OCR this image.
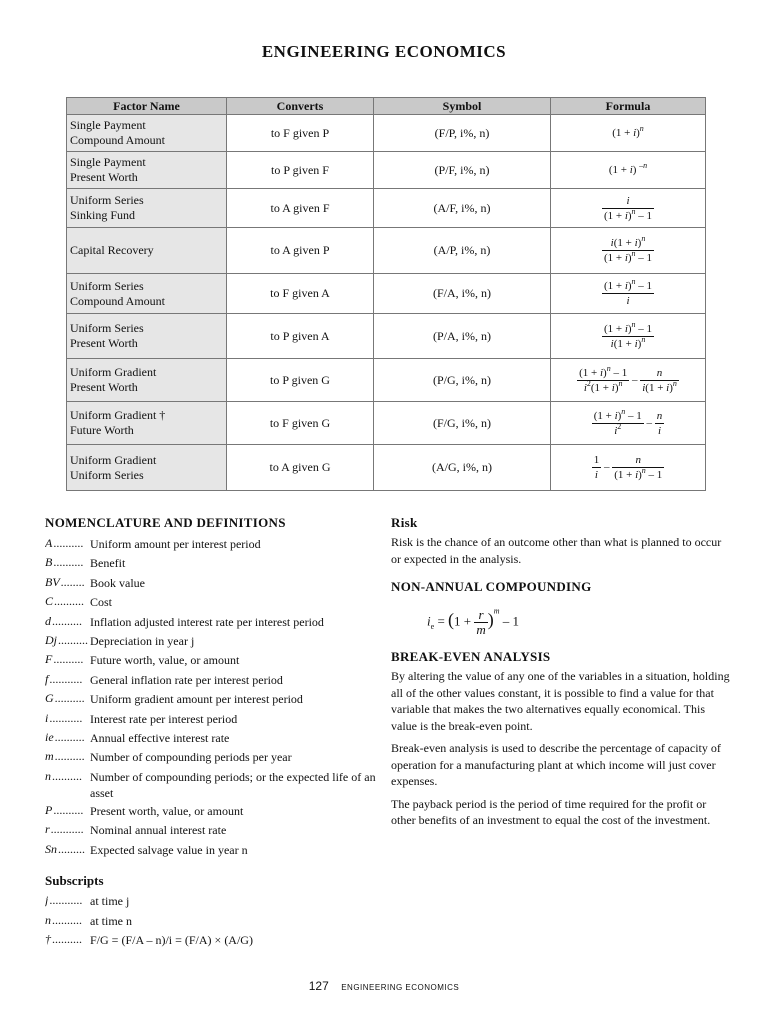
ENGINEERING ECONOMICS
Factor Name	Converts	Symbol	Formula
Single Payment
Compound Amount	to F given P	(F/P, i%, n)	$(1 + i)^n$
Single Payment
Present Worth	to P given F	(P/F, i%, n)	(1 + i) $^{-n}$
Uniform Series
Sinking Fund	to A given F	(A/F, i%, n)	$\frac{i}{(1 + i)^n - 1}$

Capital Recovery	to A given P	(A/P, i%, n)	$\frac{i(1 + i)^n}{(1 + i)^n - 1}$

Uniform Series
Compound Amount	to F given A	(F/A, i%, n)	$\frac{(1 + i)^n - 1}{i}$

Uniform Series
Present Worth	to P given A	(P/A, i%, n)	$\frac{(1 + i)^n - 1}{i(1 + i)^n}$

Uniform Gradient
Present Worth	to P given G	(P/G, i%, n)	$\frac{(1 + i)^n - 1}{i^2(1 + i)^n} - \frac{n}{i(1 + i)^n}$

Uniform Gradient †
Future Worth	to F given G	(F/G, i%, n)	$\frac{(1 + i)^n - 1}{i^2} - \frac{n}{i}$

Uniform Gradient
Uniform Series	to A given G	(A/G, i%, n)	$\frac{1}{i} - \frac{n}{(1 + i)^n - 1}$
NOMENCLATURE AND DEFINITIONS
A.......... Uniform amount per interest period
B.......... Benefit
BV........ Book value
C.......... Cost
d.......... Inflation adjusted interest rate per interest period
Dj.......... Depreciation in year j
F.......... Future worth, value, or amount
f........... General inflation rate per interest period
G.......... Uniform gradient amount per interest period
i........... Interest rate per interest period
ie.......... Annual effective interest rate
m.......... Number of compounding periods per year
n.......... Number of compounding periods; or the expected life of an asset
P.......... Present worth, value, or amount
r........... Nominal annual interest rate
Sn......... Expected salvage value in year n
Subscripts
j........... at time j
n.......... at time n
†.......... F/G = (F/A – n)/i = (F/A) × (A/G)
Risk
Risk is the chance of an outcome other than what is planned to occur or expected in the analysis.
NON-ANNUAL COMPOUNDING
$i_e = (1 + \frac{r}{m} )^m - 1$
BREAK-EVEN ANALYSIS
By altering the value of any one of the variables in a situation, holding all of the other values constant, it is possible to find a value for that variable that makes the two alternatives equally economical. This value is the break-even point.
Break-even analysis is used to describe the percentage of capacity of operation for a manufacturing plant at which income will just cover expenses.
The payback period is the period of time required for the profit or other benefits of an investment to equal the cost of the investment.
127 ENGINEERING ECONOMICS
